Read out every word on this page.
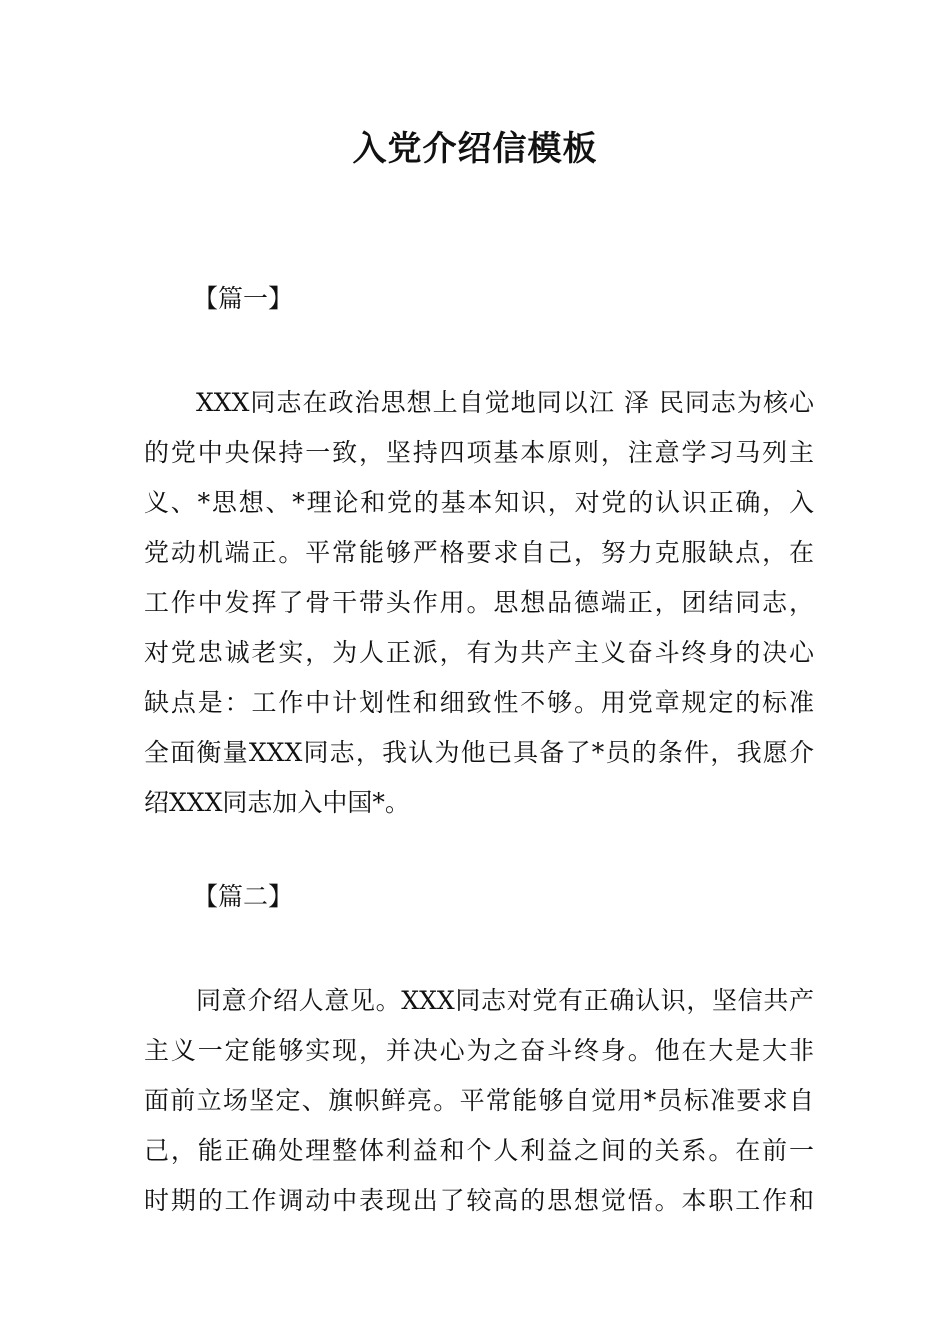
入党介绍信模板
【篇一】
XXX同志在政治思想上自觉地同以江 泽 民同志为核心
的党中央保持一致，坚持四项基本原则，注意学习马列主
义、*思想、*理论和党的基本知识，对党的认识正确，入
党动机端正。平常能够严格要求自己，努力克服缺点，在
工作中发挥了骨干带头作用。思想品德端正，团结同志，
对党忠诚老实，为人正派，有为共产主义奋斗终身的决心
缺点是：工作中计划性和细致性不够。用党章规定的标准
全面衡量XXX同志，我认为他已具备了*员的条件，我愿介
绍XXX同志加入中国*。
【篇二】
同意介绍人意见。XXX同志对党有正确认识，坚信共产
主义一定能够实现，并决心为之奋斗终身。他在大是大非
面前立场坚定、旗帜鲜亮。平常能够自觉用*员标准要求自
己，能正确处理整体利益和个人利益之间的关系。在前一
时期的工作调动中表现出了较高的思想觉悟。本职工作和
